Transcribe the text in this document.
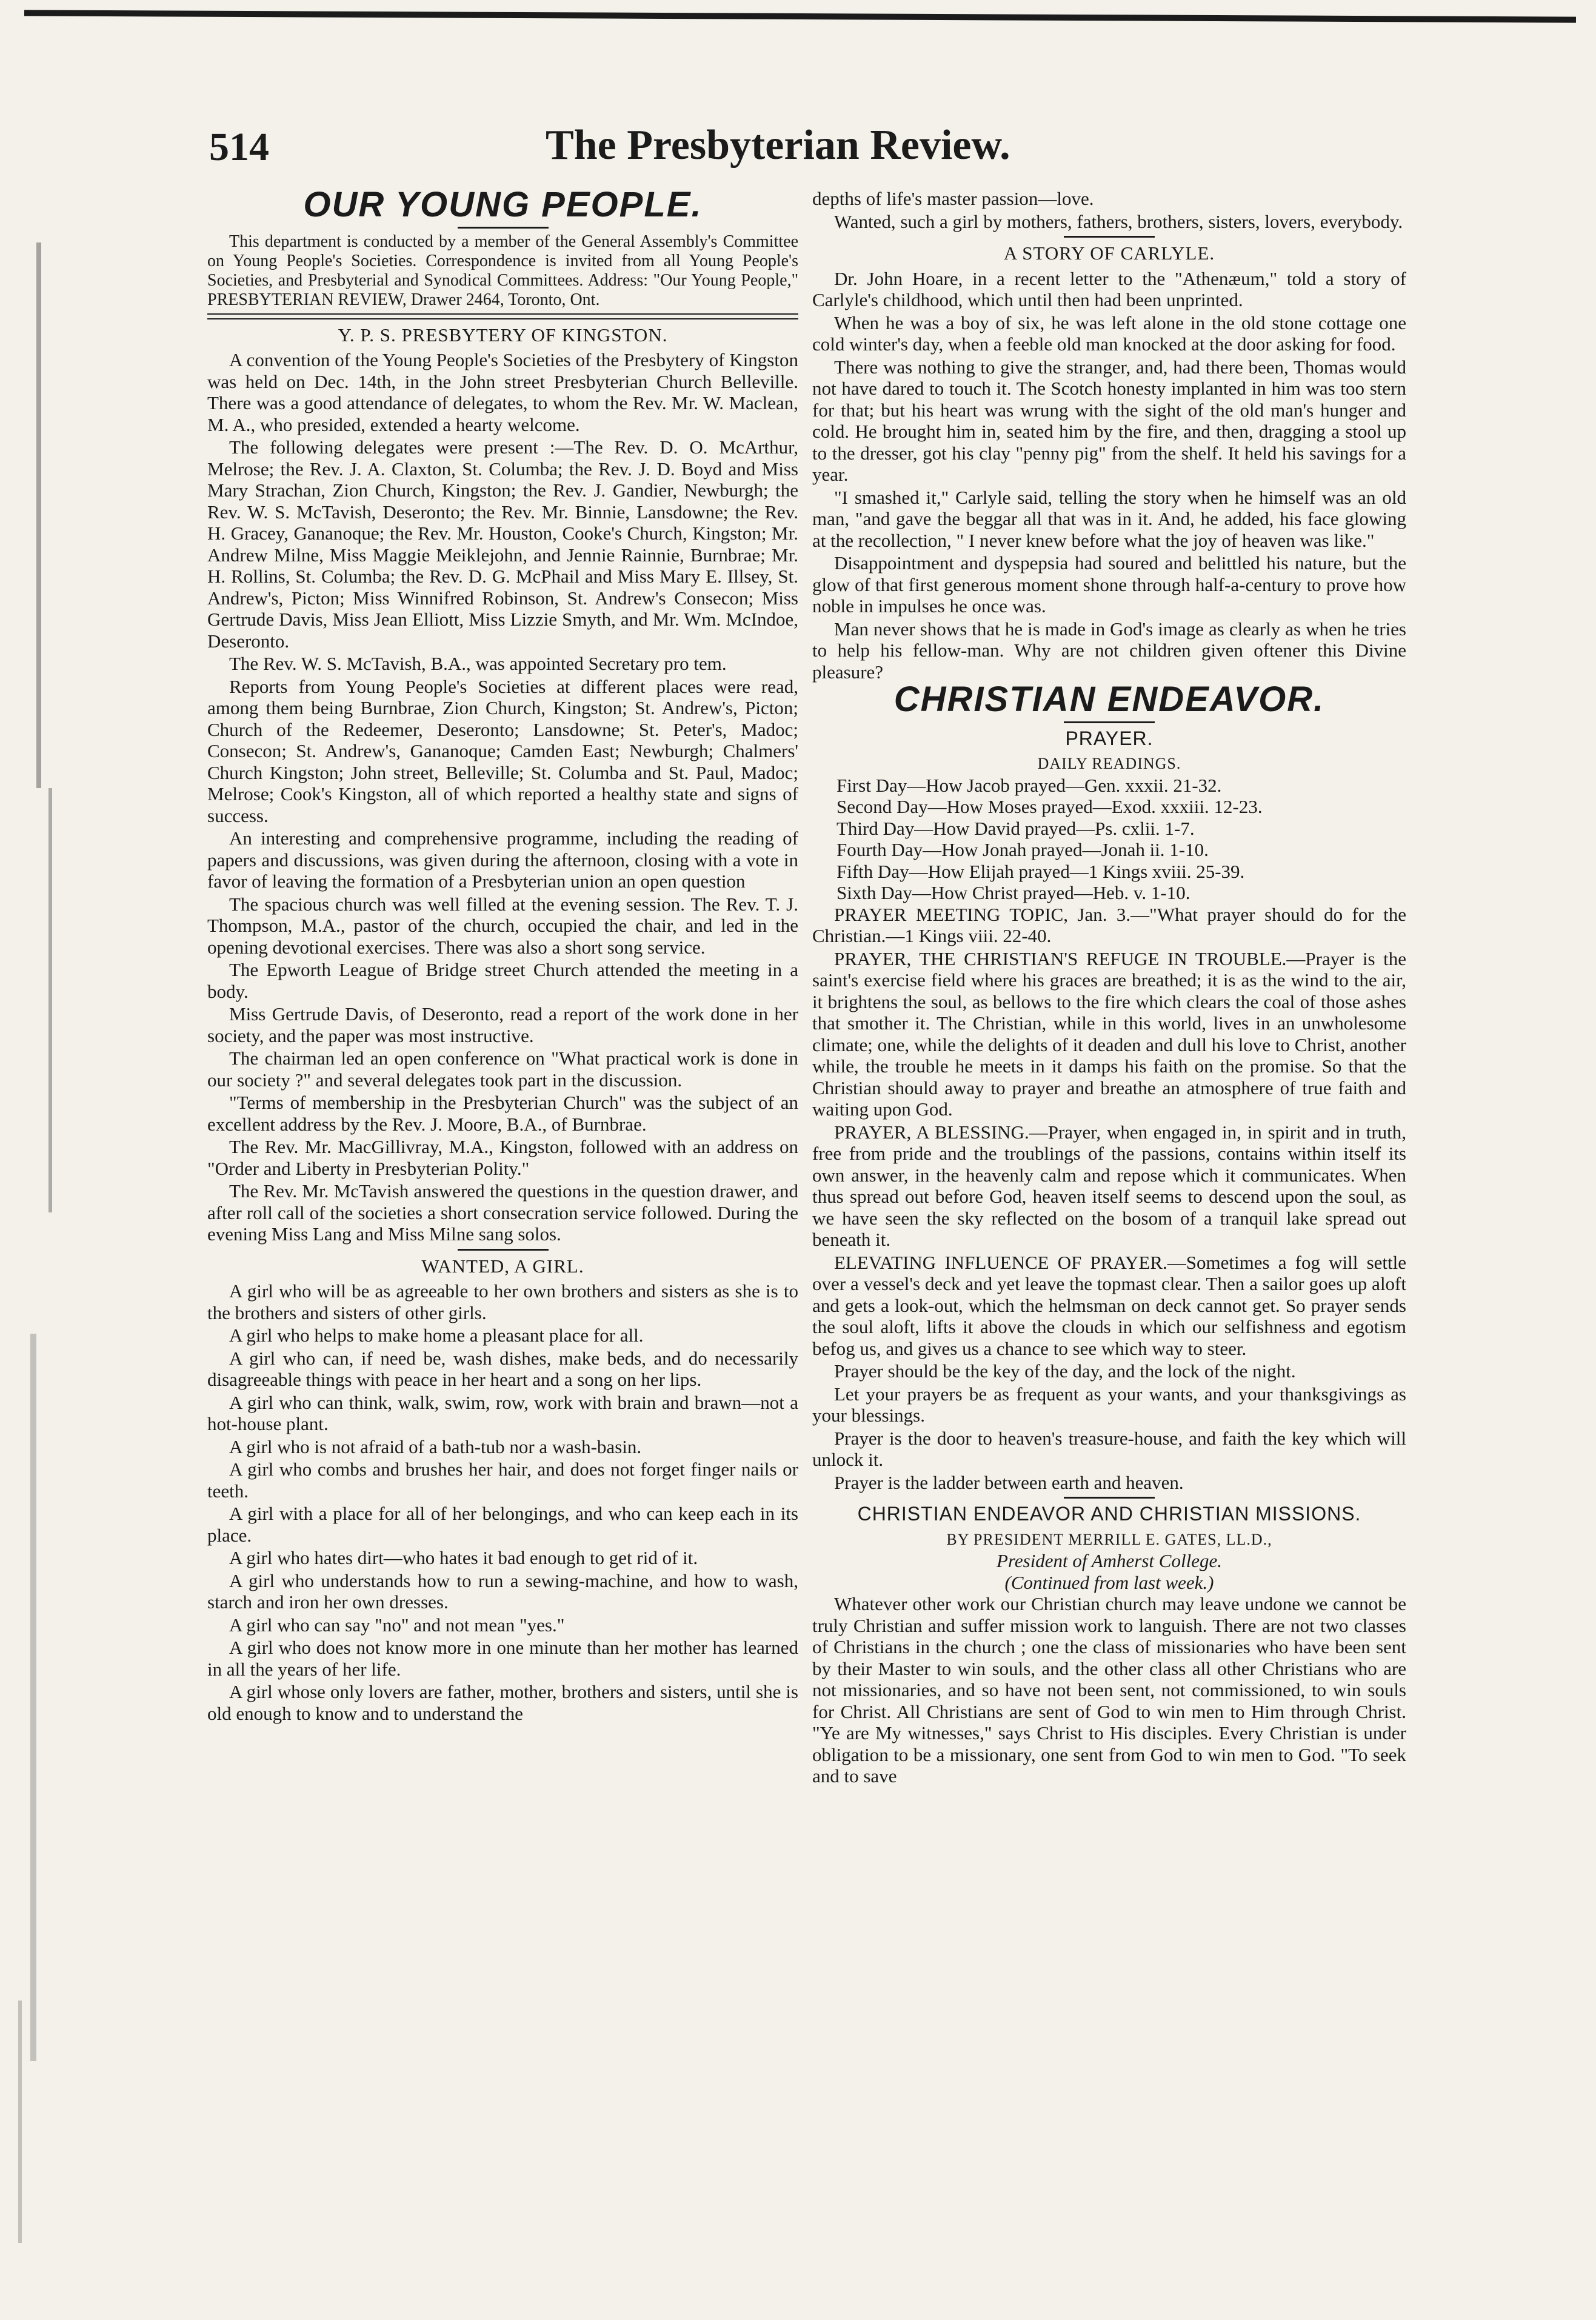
514	The Presbyterian Review.
OUR YOUNG PEOPLE.

This department is conducted by a member of the General Assembly's Committee on Young People's Societies. Correspondence is invited from all Young People's Societies, and Presbyterial and Synodical Committees. Address: "Our Young People," PRESBYTERIAN REVIEW, Drawer 2464, Toronto, Ont.

Y. P. S. PRESBYTERY OF KINGSTON.

A convention of the Young People's Societies of the Presbytery of Kingston was held on Dec. 14th, in the John street Presbyterian Church Belleville. There was a good attendance of delegates, to whom the Rev. Mr. W. Maclean, M. A., who presided, extended a hearty welcome.

The following delegates were present :—The Rev. D. O. McArthur, Melrose; the Rev. J. A. Claxton, St. Columba; the Rev. J. D. Boyd and Miss Mary Strachan, Zion Church, Kingston; the Rev. J. Gandier, Newburgh; the Rev. W. S. McTavish, Deseronto; the Rev. Mr. Binnie, Lansdowne; the Rev. H. Gracey, Gananoque; the Rev. Mr. Houston, Cooke's Church, Kingston; Mr. Andrew Milne, Miss Maggie Meiklejohn, and Jennie Rainnie, Burnbrae; Mr. H. Rollins, St. Columba; the Rev. D. G. McPhail and Miss Mary E. Illsey, St. Andrew's, Picton; Miss Winnifred Robinson, St. Andrew's Consecon; Miss Gertrude Davis, Miss Jean Elliott, Miss Lizzie Smyth, and Mr. Wm. McIndoe, Deseronto.

The Rev. W. S. McTavish, B.A., was appointed Secretary pro tem.

Reports from Young People's Societies at different places were read, among them being Burnbrae, Zion Church, Kingston; St. Andrew's, Picton; Church of the Redeemer, Deseronto; Lansdowne; St. Peter's, Madoc; Consecon; St. Andrew's, Gananoque; Camden East; Newburgh; Chalmers' Church Kingston; John street, Belleville; St. Columba and St. Paul, Madoc; Melrose; Cook's Kingston, all of which reported a healthy state and signs of success.

An interesting and comprehensive programme, including the reading of papers and discussions, was given during the afternoon, closing with a vote in favor of leaving the formation of a Presbyterian union an open question

The spacious church was well filled at the evening session. The Rev. T. J. Thompson, M.A., pastor of the church, occupied the chair, and led in the opening devotional exercises. There was also a short song service.

The Epworth League of Bridge street Church attended the meeting in a body.

Miss Gertrude Davis, of Deseronto, read a report of the work done in her society, and the paper was most instructive.

The chairman led an open conference on "What practical work is done in our society ?" and several delegates took part in the discussion.

"Terms of membership in the Presbyterian Church" was the subject of an excellent address by the Rev. J. Moore, B.A., of Burnbrae.

The Rev. Mr. MacGillivray, M.A., Kingston, followed with an address on "Order and Liberty in Presbyterian Polity."

The Rev. Mr. McTavish answered the questions in the question drawer, and after roll call of the societies a short consecration service followed. During the evening Miss Lang and Miss Milne sang solos.

WANTED, A GIRL.

A girl who will be as agreeable to her own brothers and sisters as she is to the brothers and sisters of other girls.

A girl who helps to make home a pleasant place for all.

A girl who can, if need be, wash dishes, make beds, and do necessarily disagreeable things with peace in her heart and a song on her lips.

A girl who can think, walk, swim, row, work with brain and brawn—not a hot-house plant.

A girl who is not afraid of a bath-tub nor a wash-basin.

A girl who combs and brushes her hair, and does not forget finger nails or teeth.

A girl with a place for all of her belongings, and who can keep each in its place.

A girl who hates dirt—who hates it bad enough to get rid of it.

A girl who understands how to run a sewing-machine, and how to wash, starch and iron her own dresses.

A girl who can say "no" and not mean "yes."

A girl who does not know more in one minute than her mother has learned in all the years of her life.

A girl whose only lovers are father, mother, brothers and sisters, until she is old enough to know and to understand the

depths of life's master passion—love.

Wanted, such a girl by mothers, fathers, brothers, sisters, lovers, everybody.

A STORY OF CARLYLE.

Dr. John Hoare, in a recent letter to the "Athenæum," told a story of Carlyle's childhood, which until then had been unprinted.

When he was a boy of six, he was left alone in the old stone cottage one cold winter's day, when a feeble old man knocked at the door asking for food.

There was nothing to give the stranger, and, had there been, Thomas would not have dared to touch it. The Scotch honesty implanted in him was too stern for that; but his heart was wrung with the sight of the old man's hunger and cold. He brought him in, seated him by the fire, and then, dragging a stool up to the dresser, got his clay "penny pig" from the shelf. It held his savings for a year.

"I smashed it," Carlyle said, telling the story when he himself was an old man, "and gave the beggar all that was in it. And, he added, his face glowing at the recollection, " I never knew before what the joy of heaven was like."

Disappointment and dyspepsia had soured and belittled his nature, but the glow of that first generous moment shone through half-a-century to prove how noble in impulses he once was.

Man never shows that he is made in God's image as clearly as when he tries to help his fellow-man. Why are not children given oftener this Divine pleasure?

CHRISTIAN ENDEAVOR.
PRAYER.
DAILY READINGS.
First Day—How Jacob prayed—Gen. xxxii. 21-32.
Second Day—How Moses prayed—Exod. xxxiii. 12-23.
Third Day—How David prayed—Ps. cxlii. 1-7.
Fourth Day—How Jonah prayed—Jonah ii. 1-10.
Fifth Day—How Elijah prayed—1 Kings xviii. 25-39.
Sixth Day—How Christ prayed—Heb. v. 1-10.

PRAYER MEETING TOPIC, Jan. 3.—"What prayer should do for the Christian.—1 Kings viii. 22-40.

PRAYER, THE CHRISTIAN'S REFUGE IN TROUBLE.—Prayer is the saint's exercise field where his graces are breathed; it is as the wind to the air, it brightens the soul, as bellows to the fire which clears the coal of those ashes that smother it. The Christian, while in this world, lives in an unwholesome climate; one, while the delights of it deaden and dull his love to Christ, another while, the trouble he meets in it damps his faith on the promise. So that the Christian should away to prayer and breathe an atmosphere of true faith and waiting upon God.

PRAYER, A BLESSING.—Prayer, when engaged in, in spirit and in truth, free from pride and the troublings of the passions, contains within itself its own answer, in the heavenly calm and repose which it communicates. When thus spread out before God, heaven itself seems to descend upon the soul, as we have seen the sky reflected on the bosom of a tranquil lake spread out beneath it.

ELEVATING INFLUENCE OF PRAYER.—Sometimes a fog will settle over a vessel's deck and yet leave the topmast clear. Then a sailor goes up aloft and gets a look-out, which the helmsman on deck cannot get. So prayer sends the soul aloft, lifts it above the clouds in which our selfishness and egotism befog us, and gives us a chance to see which way to steer.

Prayer should be the key of the day, and the lock of the night.

Let your prayers be as frequent as your wants, and your thanksgivings as your blessings.

Prayer is the door to heaven's treasure-house, and faith the key which will unlock it.

Prayer is the ladder between earth and heaven.

CHRISTIAN ENDEAVOR AND CHRISTIAN MISSIONS.
BY PRESIDENT MERRILL E. GATES, LL.D.,
President of Amherst College.
(Continued from last week.)

Whatever other work our Christian church may leave undone we cannot be truly Christian and suffer mission work to languish. There are not two classes of Christians in the church ; one the class of missionaries who have been sent by their Master to win souls, and the other class all other Christians who are not missionaries, and so have not been sent, not commissioned, to win souls for Christ. All Christians are sent of God to win men to Him through Christ. "Ye are My witnesses," says Christ to His disciples. Every Christian is under obligation to be a missionary, one sent from God to win men to God. "To seek and to save
